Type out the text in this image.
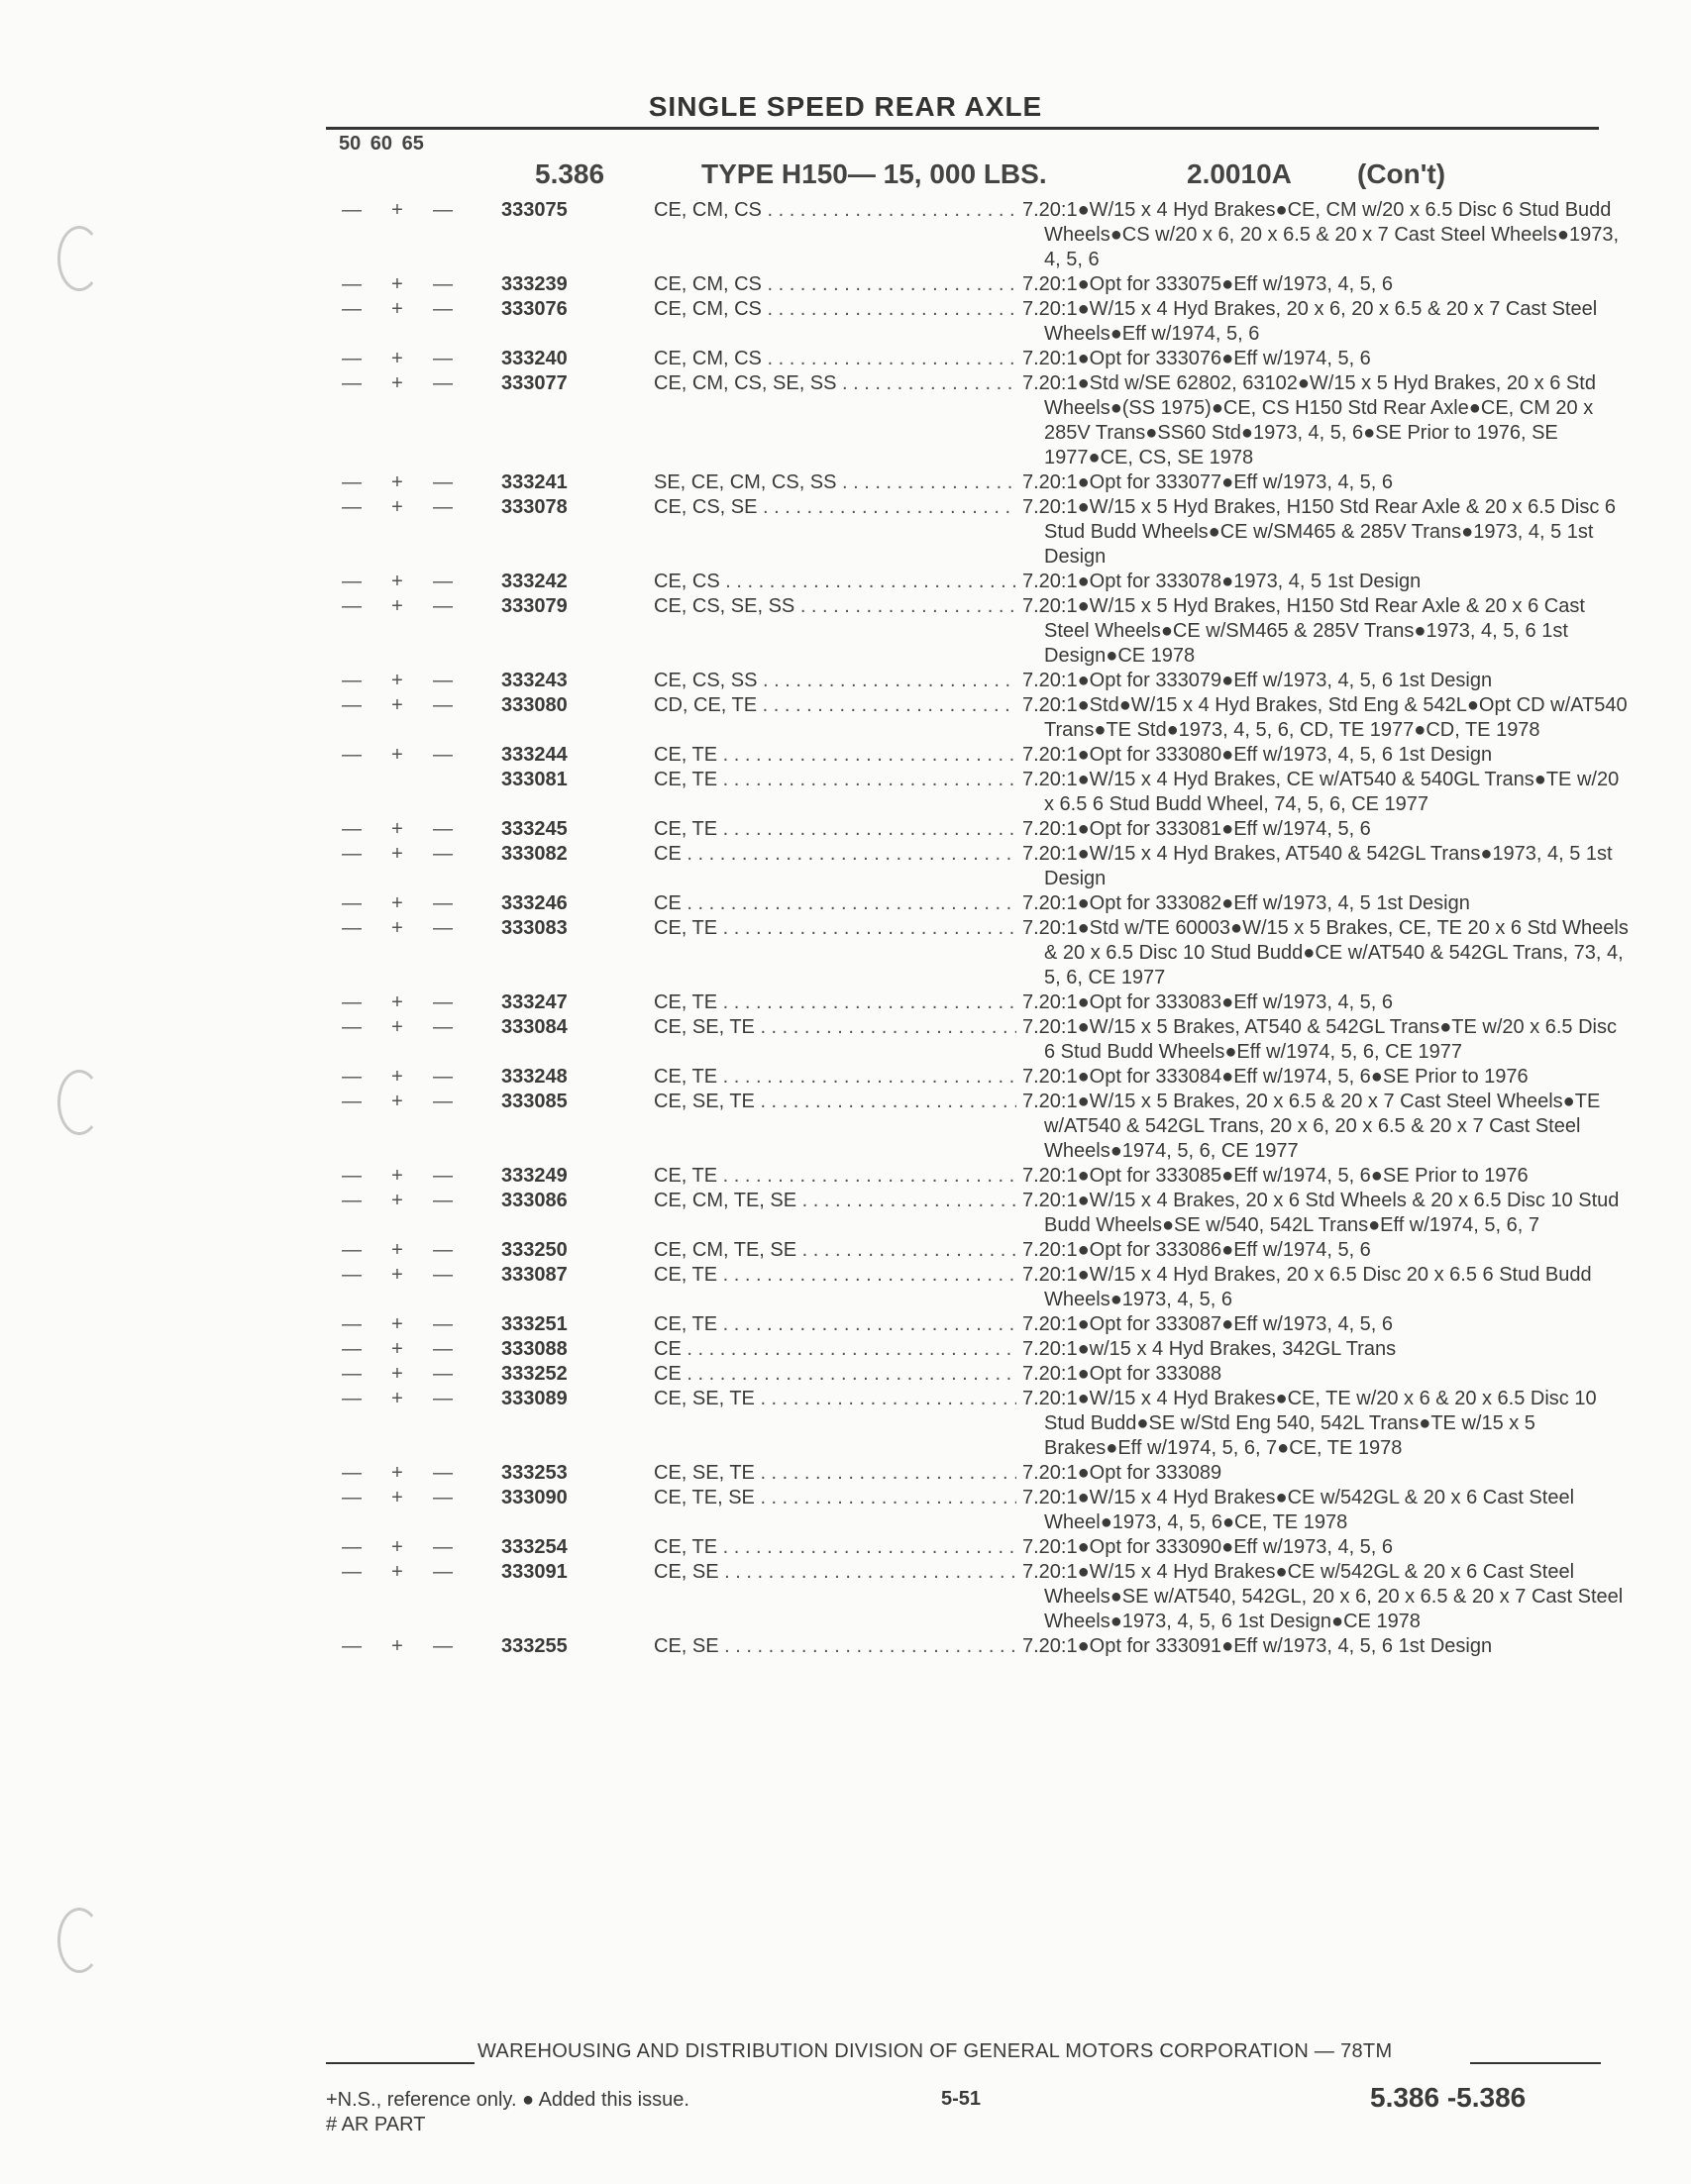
SINGLE SPEED REAR AXLE
50 60 65
5.386	TYPE H150— 15, 000 LBS.	2.0010A (Con't)
— + — 333075	CE, CM, CS . . .	7.20:1●W/15 x 4 Hyd Brakes●CE, CM w/20 x 6.5 Disc 6 Stud Budd Wheels●CS w/20 x 6, 20 x 6.5 & 20 x 7 Cast Steel Wheels●1973, 4, 5, 6
— + — 333239	CE, CM, CS . . .	7.20:1●Opt for 333075●Eff w/1973, 4, 5, 6
— + — 333076	CE, CM, CS . . .	7.20:1●W/15 x 4 Hyd Brakes, 20 x 6, 20 x 6.5 & 20 x 7 Cast Steel Wheels●Eff w/1974, 5, 6
— + — 333240	CE, CM, CS . . .	7.20:1●Opt for 333076●Eff w/1974, 5, 6
— + — 333077	CE, CM, CS, SE, SS . . .	7.20:1●Std w/SE 62802, 63102●W/15 x 5 Hyd Brakes, 20 x 6 Std Wheels●(SS 1975)●CE, CS H150 Std Rear Axle●CE, CM 20 x 285V Trans●SS60 Std●1973, 4, 5, 6●SE Prior to 1976, SE 1977●CE, CS, SE 1978
— + — 333241	SE, CE, CM, CS, SS . . .	7.20:1●Opt for 333077●Eff w/1973, 4, 5, 6
— + — 333078	CE, CS, SE . . .	7.20:1●W/15 x 5 Hyd Brakes, H150 Std Rear Axle & 20 x 6.5 Disc 6 Stud Budd Wheels●CE w/SM465 & 285V Trans●1973, 4, 5 1st Design
— + — 333242	CE, CS . . .	7.20:1●Opt for 333078●1973, 4, 5 1st Design
— + — 333079	CE, CS, SE, SS . . .	7.20:1●W/15 x 5 Hyd Brakes, H150 Std Rear Axle & 20 x 6 Cast Steel Wheels●CE w/SM465 & 285V Trans●1973, 4, 5, 6 1st Design●CE 1978
— + — 333243	CE, CS, SS . . .	7.20:1●Opt for 333079●Eff w/1973, 4, 5, 6 1st Design
— + — 333080	CD, CE, TE . . .	7.20:1●Std●W/15 x 4 Hyd Brakes, Std Eng & 542L●Opt CD w/AT540 Trans●TE Std●1973, 4, 5, 6, CD, TE 1977●CD, TE 1978
— + — 333244	CE, TE . . .	7.20:1●Opt for 333080●Eff w/1973, 4, 5, 6 1st Design
333081	CE, TE . . .	7.20:1●W/15 x 4 Hyd Brakes, CE w/AT540 & 540GL Trans●TE w/20 x 6.5 6 Stud Budd Wheel, 74, 5, 6, CE 1977
— + — 333245	CE, TE . . .	7.20:1●Opt for 333081●Eff w/1974, 5, 6
— + — 333082	CE . . .	7.20:1●W/15 x 4 Hyd Brakes, AT540 & 542GL Trans●1973, 4, 5 1st Design
— + — 333246	CE . . .	7.20:1●Opt for 333082●Eff w/1973, 4, 5 1st Design
— + — 333083	CE, TE . . .	7.20:1●Std w/TE 60003●W/15 x 5 Brakes, CE, TE 20 x 6 Std Wheels & 20 x 6.5 Disc 10 Stud Budd●CE w/AT540 & 542GL Trans, 73, 4, 5, 6, CE 1977
— + — 333247	CE, TE . . .	7.20:1●Opt for 333083●Eff w/1973, 4, 5, 6
— + — 333084	CE, SE, TE . . .	7.20:1●W/15 x 5 Brakes, AT540 & 542GL Trans●TE w/20 x 6.5 Disc 6 Stud Budd Wheels●Eff w/1974, 5, 6, CE 1977
— + — 333248	CE, TE . . .	7.20:1●Opt for 333084●Eff w/1974, 5, 6●SE Prior to 1976
— + — 333085	CE, SE, TE . . .	7.20:1●W/15 x 5 Brakes, 20 x 6.5 & 20 x 7 Cast Steel Wheels●TE w/AT540 & 542GL Trans, 20 x 6, 20 x 6.5 & 20 x 7 Cast Steel Wheels●1974, 5, 6, CE 1977
— + — 333249	CE, TE . . .	7.20:1●Opt for 333085●Eff w/1974, 5, 6●SE Prior to 1976
— + — 333086	CE, CM, TE, SE . . .	7.20:1●W/15 x 4 Brakes, 20 x 6 Std Wheels & 20 x 6.5 Disc 10 Stud Budd Wheels●SE w/540, 542L Trans●Eff w/1974, 5, 6, 7
— + — 333250	CE, CM, TE, SE . . .	7.20:1●Opt for 333086●Eff w/1974, 5, 6
— + — 333087	CE, TE . . .	7.20:1●W/15 x 4 Hyd Brakes, 20 x 6.5 Disc 20 x 6.5 6 Stud Budd Wheels●1973, 4, 5, 6
— + — 333251	CE, TE . . .	7.20:1●Opt for 333087●Eff w/1973, 4, 5, 6
— + — 333088	CE . . .	7.20:1●w/15 x 4 Hyd Brakes, 342GL Trans
— + — 333252	CE . . .	7.20:1●Opt for 333088
— + — 333089	CE, SE, TE . . .	7.20:1●W/15 x 4 Hyd Brakes●CE, TE w/20 x 6 & 20 x 6.5 Disc 10 Stud Budd●SE w/Std Eng 540, 542L Trans●TE w/15 x 5 Brakes●Eff w/1974, 5, 6, 7●CE, TE 1978
— + — 333253	CE, SE, TE . . .	7.20:1●Opt for 333089
— + — 333090	CE, TE, SE . . .	7.20:1●W/15 x 4 Hyd Brakes●CE w/542GL & 20 x 6 Cast Steel Wheel●1973, 4, 5, 6●CE, TE 1978
— + — 333254	CE, TE . . .	7.20:1●Opt for 333090●Eff w/1973, 4, 5, 6
— + — 333091	CE, SE . . .	7.20:1●W/15 x 4 Hyd Brakes●CE w/542GL & 20 x 6 Cast Steel Wheels●SE w/AT540, 542GL, 20 x 6, 20 x 6.5 & 20 x 7 Cast Steel Wheels●1973, 4, 5, 6 1st Design●CE 1978
— + — 333255	CE, SE . . .	7.20:1●Opt for 333091●Eff w/1973, 4, 5, 6 1st Design
WAREHOUSING AND DISTRIBUTION DIVISION OF GENERAL MOTORS CORPORATION — 78TM
+N.S., reference only. ● Added this issue.
# AR PART
5-51	5.386 -5.386
